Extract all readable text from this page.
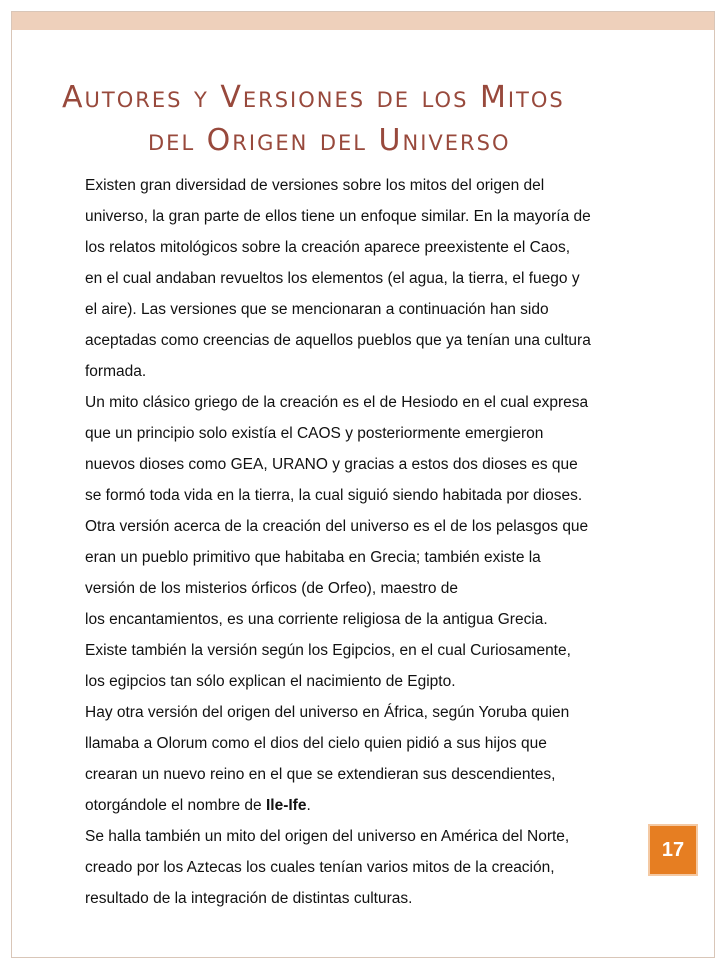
Autores y Versiones de los Mitos
del Origen del Universo

Existen gran diversidad de versiones sobre los mitos del origen del
universo, la gran parte de ellos tiene un enfoque similar. En la mayoría de
los relatos mitológicos sobre la creación aparece preexistente el Caos,
en el cual andaban revueltos los elementos (el agua, la tierra, el fuego y
el aire). Las versiones que se mencionaran a continuación han sido
aceptadas como creencias de aquellos pueblos que ya tenían una cultura
formada.
Un mito clásico griego de la creación es el de Hesiodo en el cual expresa
que un principio solo existía el CAOS y posteriormente emergieron
nuevos dioses como GEA, URANO y gracias a estos dos dioses es que
se formó toda vida en la tierra, la cual siguió siendo habitada por dioses.
Otra versión acerca de la creación del universo es el de los pelasgos que
eran un pueblo primitivo que habitaba en Grecia; también existe la
versión de los misterios órficos (de Orfeo), maestro de
los encantamientos, es una corriente religiosa de la antigua Grecia.
Existe también la versión según los Egipcios, en el cual Curiosamente,
los egipcios tan sólo explican el nacimiento de Egipto.
Hay otra versión del origen del universo en África, según Yoruba quien
llamaba a Olorum como el dios del cielo quien pidió a sus hijos que
crearan un nuevo reino en el que se extendieran sus descendientes,
otorgándole el nombre de Ile-Ife.
Se halla también un mito del origen del universo en América del Norte,
creado por los Aztecas los cuales tenían varios mitos de la creación,
resultado de la integración de distintas culturas.

17
